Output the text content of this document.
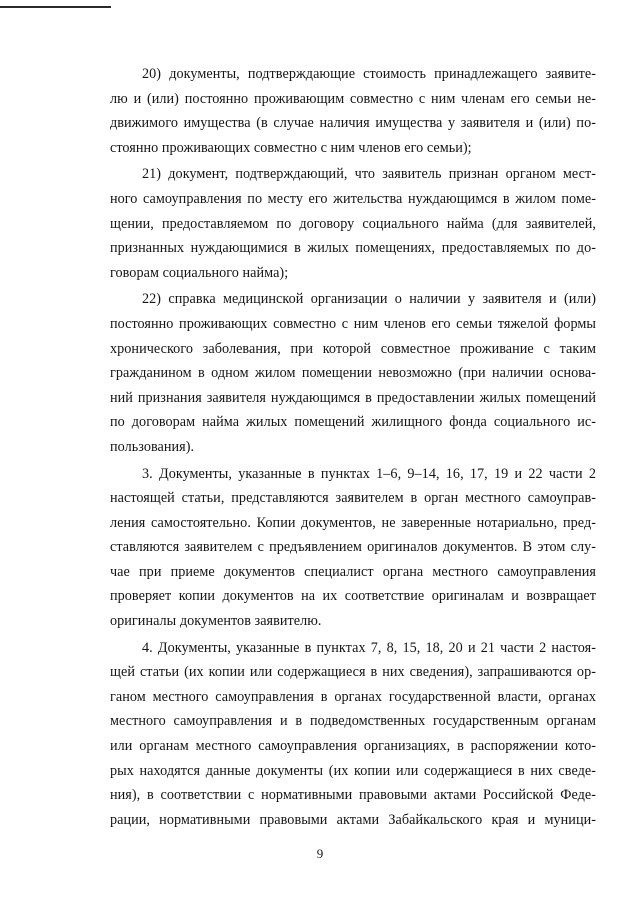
20) документы, подтверждающие стоимость принадлежащего заявите-
лю и (или) постоянно проживающим совместно с ним членам его семьи не-
движимого имущества (в случае наличия имущества у заявителя и (или) по-
стоянно проживающих совместно с ним членов его семьи);

21) документ, подтверждающий, что заявитель признан органом мест-
ного самоуправления по месту его жительства нуждающимся в жилом поме-
щении, предоставляемом по договору социального найма (для заявителей,
признанных нуждающимися в жилых помещениях, предоставляемых по до-
говорам социального найма);

22) справка медицинской организации о наличии у заявителя и (или)
постоянно проживающих совместно с ним членов его семьи тяжелой формы
хронического заболевания, при которой совместное проживание с таким
гражданином в одном жилом помещении невозможно (при наличии основа-
ний признания заявителя нуждающимся в предоставлении жилых помещений
по договорам найма жилых помещений жилищного фонда социального ис-
пользования).

3. Документы, указанные в пунктах 1–6, 9–14, 16, 17, 19 и 22 части 2
настоящей статьи, представляются заявителем в орган местного самоуправ-
ления самостоятельно. Копии документов, не заверенные нотариально, пред-
ставляются заявителем с предъявлением оригиналов документов. В этом слу-
чае при приеме документов специалист органа местного самоуправления
проверяет копии документов на их соответствие оригиналам и возвращает
оригиналы документов заявителю.

4. Документы, указанные в пунктах 7, 8, 15, 18, 20 и 21 части 2 настоя-
щей статьи (их копии или содержащиеся в них сведения), запрашиваются ор-
ганом местного самоуправления в органах государственной власти, органах
местного самоуправления и в подведомственных государственным органам
или органам местного самоуправления организациях, в распоряжении кото-
рых находятся данные документы (их копии или содержащиеся в них сведе-
ния), в соответствии с нормативными правовыми актами Российской Феде-
рации, нормативными правовыми актами Забайкальского края и муници-

9
